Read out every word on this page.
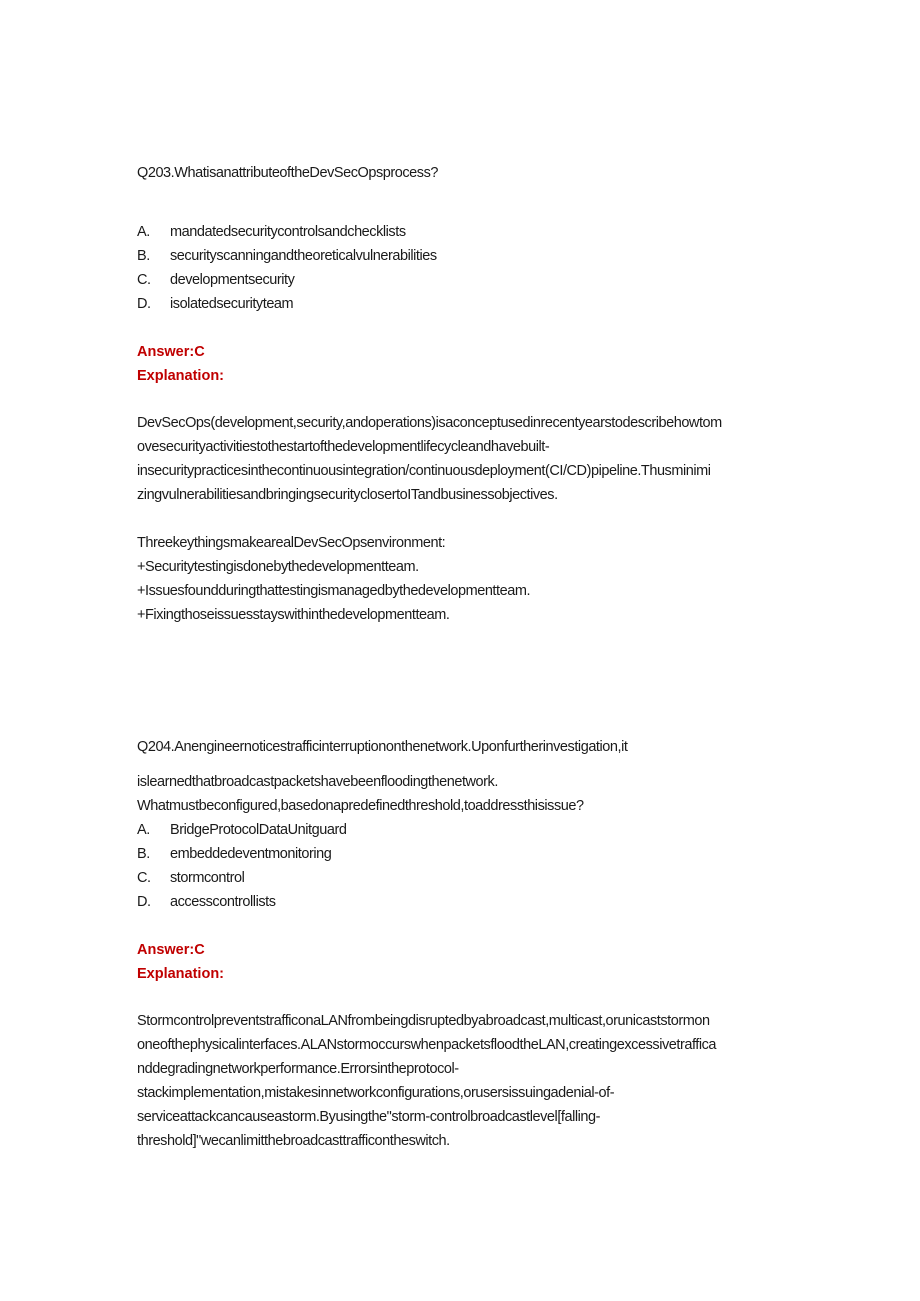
Q203.WhatisanattributeoftheDevSecOpsprocess?
A. mandatedsecuritycontrolsandchecklists
B. securityscanningandtheoreticalvulnerabilities
C. developmentsecurity
D. isolatedsecurityteam
Answer:C
Explanation:
DevSecOps(development,security,andoperations)isaconceptusedinrecentyearstodescribehowtom
ovesecurityactivitiestothestartofthedevelopmentlifecycleandhavebuilt-
insecuritypracticesinthecontinuousintegration/continuousdeployment(CI/CD)pipeline.Thusminimi
zingvulnerabilitiesandbringingsecurityclosertoITandbusinessobjectives.
ThreekeythingsmakearealDevSecOpsenvironment:
+Securitytestingisdonebythedevelopmentteam.
+Issuesfoundduringthattestingismanagedbythedevelopmentteam.
+Fixingthoseissuesstayswithinthedevelopmentteam.
Q204.Anengineernoticestrafficinterruptiononthenetwork.Uponfurtherinvestigation,it
islearnedthatbroadcastpacketshavebeenfloodingthenetwork.
Whatmustbeconfigured,basedonapredefinedthreshold,toaddressthisissue?
A. BridgeProtocolDataUnitguard
B. embeddedeventmonitoring
C. stormcontrol
D. accesscontrollists
Answer:C
Explanation:
StormcontrolpreventstrafficonaLANfrombeingdisruptedbyabroadcast,multicast,orunicaststormon
oneofthephysicalinterfaces.ALANstormoccurswhenpacketsfloodtheLAN,creatingexcessivetraffica
nddegradingnetworkperformance.Errorsintheprotocol-
stackimplementation,mistakesinnetworkconfigurations,orusersissuingadenial-of-
serviceattackcancauseastorm.Byusingthe"storm-controlbroadcastlevel[falling-
threshold]"wecanlimitthebroadcasttrafficontheswitch.
